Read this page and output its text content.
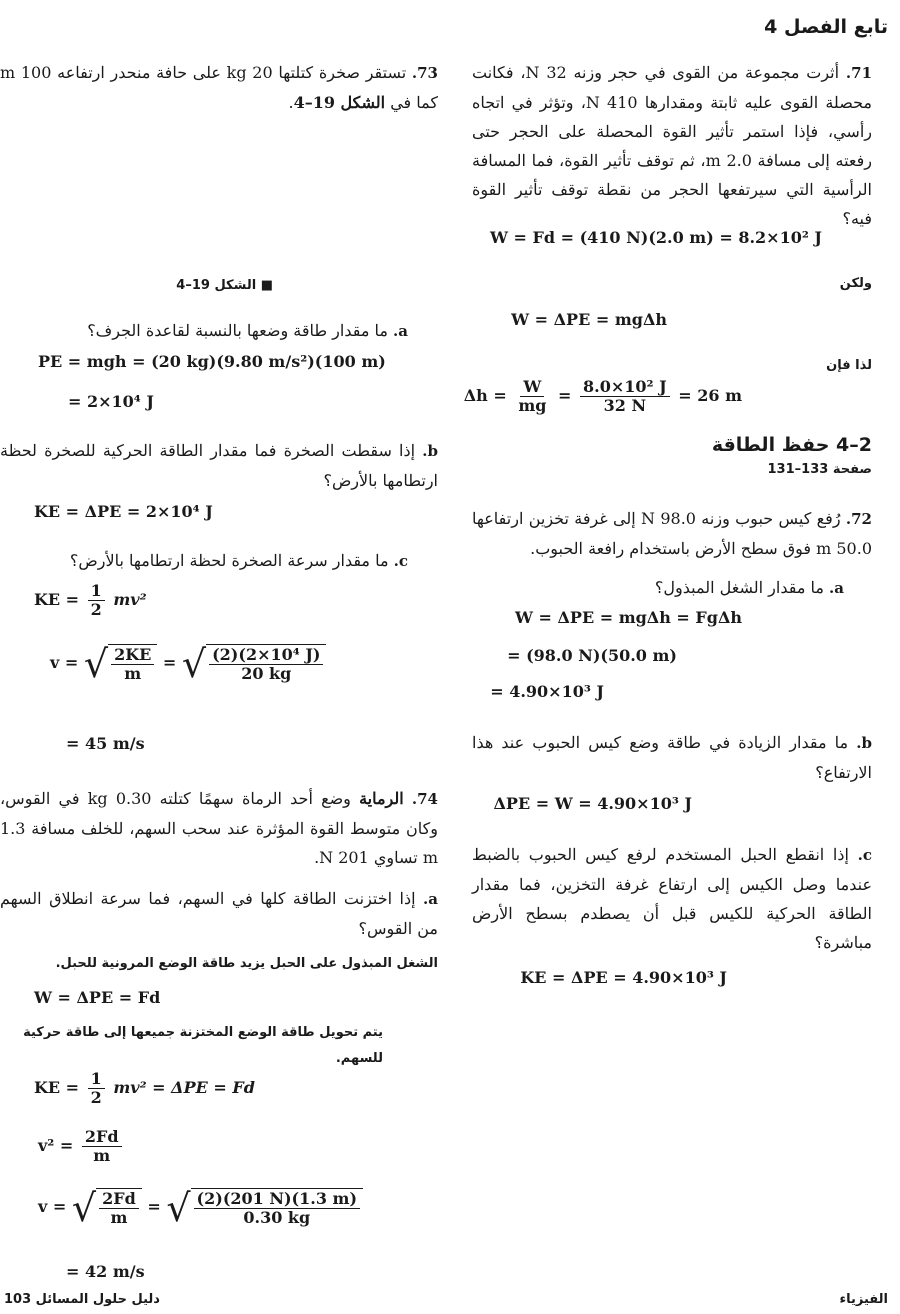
تابع الفصل 4
71. أثرت مجموعة من القوى في حجر وزنه 32 N، فكانت محصلة القوى عليه ثابتة ومقدارها 410 N، وتؤثر في اتجاه رأسي، فإذا استمر تأثير القوة المحصلة على الحجر حتى رفعته إلى مسافة 2.0 m، ثم توقف تأثير القوة، فما المسافة الرأسية التي سيرتفعها الحجر من نقطة توقف تأثير القوة فيه؟
W = Fd = (410 N)(2.0 m) = 8.2×10² J
ولكن
W = ΔPE = mgΔh
لذا فإن
$\Delta h = \frac{W}{mg} = \frac{\text{8.0×10² J}}{32 N} = 26$ m
2–4 حفظ الطاقة
صفحة 133–131
72. رُفع كيس حبوب وزنه 98.0 N إلى غرفة تخزين ارتفاعها 50.0 m فوق سطح الأرض باستخدام رافعة الحبوب.
a. ما مقدار الشغل المبذول؟
W = ΔPE = mgΔh = FgΔh
= (98.0 N)(50.0 m)
= 4.90×10³ J
b. ما مقدار الزيادة في طاقة وضع كيس الحبوب عند هذا الارتفاع؟
ΔPE = W = 4.90×10³ J
c. إذا انقطع الحبل المستخدم لرفع كيس الحبوب بالضبط عندما وصل الكيس إلى ارتفاع غرفة التخزين، فما مقدار الطاقة الحركية للكيس قبل أن يصطدم بسطح الأرض مباشرة؟
KE = ΔPE = 4.90×10³ J
73. تستقر صخرة كتلتها 20 kg على حافة منحدر ارتفاعه 100 m كما في الشكل 19–4.
■ الشكل 19–4
a. ما مقدار طاقة وضعها بالنسبة لقاعدة الجرف؟
PE = mgh = (20 kg)(9.80 m/s²)(100 m)
= 2×10⁴ J
b. إذا سقطت الصخرة فما مقدار الطاقة الحركية للصخرة لحظة ارتطامها بالأرض؟
KE = ΔPE = 2×10⁴ J
c. ما مقدار سرعة الصخرة لحظة ارتطامها بالأرض؟
KE = $\frac{1}{2} mv^2$
v = √ $\frac{2KE}{m}$ = √ $\frac{\text{(2)(2×10⁴ J)}}{20 kg}$
= 45 m/s
74. الرماية وضع أحد الرماة سهمًا كتلته 0.30 kg في القوس، وكان متوسط القوة المؤثرة عند سحب السهم، للخلف مسافة 1.3 m تساوي 201 N.
a. إذا اختزنت الطاقة كلها في السهم، فما سرعة انطلاق السهم من القوس؟
الشغل المبذول على الحبل يزيد طاقة الوضع المرونية للحبل.
W = ΔPE = Fd
يتم تحويل طاقة الوضع المختزنة جميعها إلى طاقة حركية للسهم.
KE = $\frac{1}{2} mv^2 = \Delta PE = Fd$
$v^2 = \frac{2Fd}{m}$
v = √ $\frac{2Fd}{m}$ = √ $\frac{(2)(201 N)(1.3 m)}{0.30 kg}$
= 42 m/s
103 دليل حلول المسائل	الفيزياء
